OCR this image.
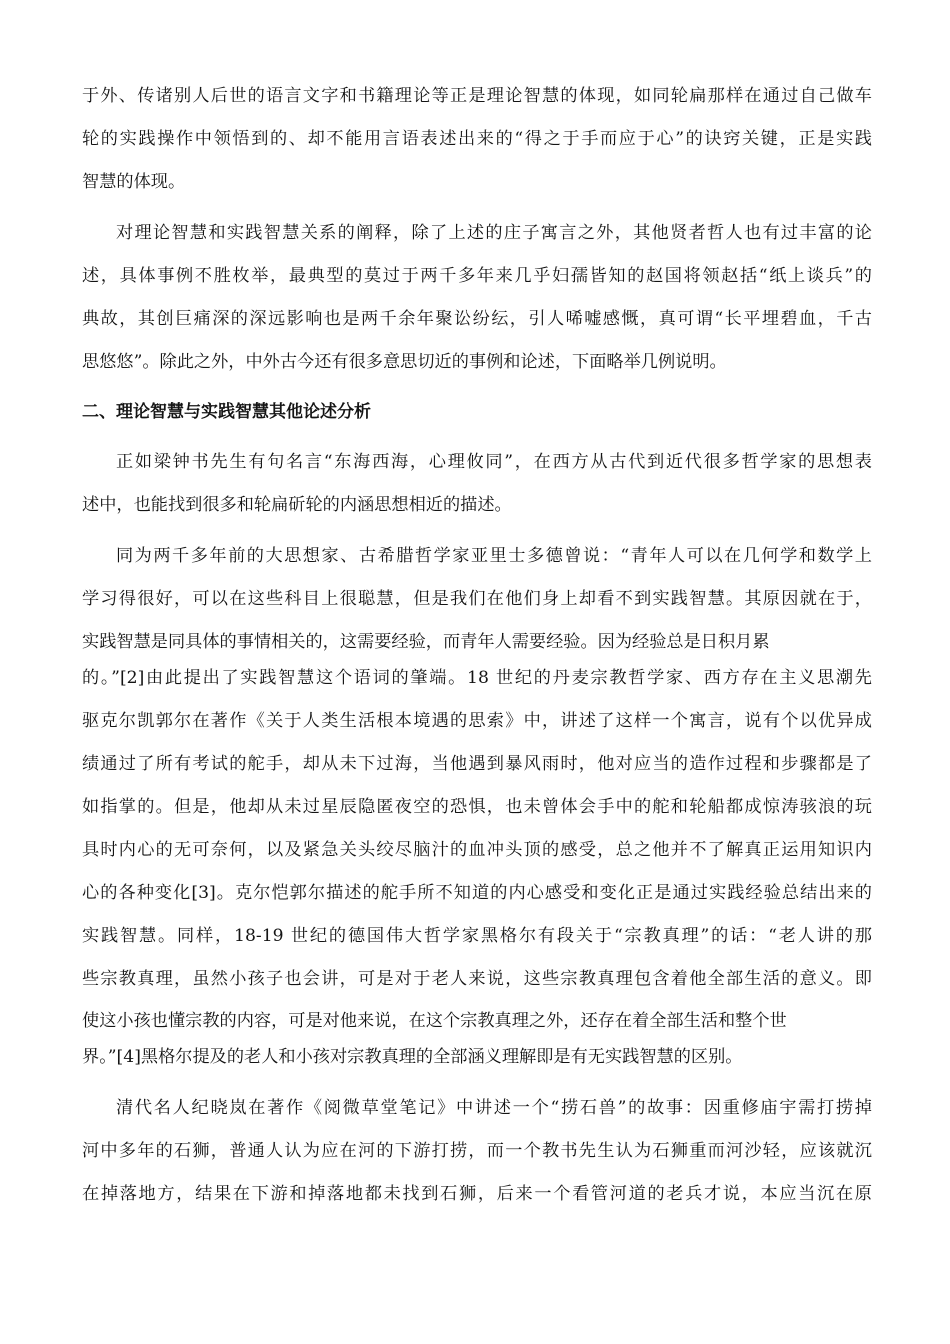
于外、传诸别人后世的语言文字和书籍理论等正是理论智慧的体现，如同轮扁那样在通过自己做车
轮的实践操作中领悟到的、却不能用言语表述出来的“得之于手而应于心”的诀窍关键，正是实践
智慧的体现。
对理论智慧和实践智慧关系的阐释，除了上述的庄子寓言之外，其他贤者哲人也有过丰富的论
述，具体事例不胜枚举，最典型的莫过于两千多年来几乎妇孺皆知的赵国将领赵括“纸上谈兵”的
典故，其创巨痛深的深远影响也是两千余年聚讼纷纭，引人唏嘘感慨，真可谓“长平埋碧血，千古
思悠悠”。除此之外，中外古今还有很多意思切近的事例和论述，下面略举几例说明。
二、理论智慧与实践智慧其他论述分析
正如梁钟书先生有句名言“东海西海，心理攸同”，在西方从古代到近代很多哲学家的思想表
述中，也能找到很多和轮扁斫轮的内涵思想相近的描述。
同为两千多年前的大思想家、古希腊哲学家亚里士多德曾说：“青年人可以在几何学和数学上
学习得很好，可以在这些科目上很聪慧，但是我们在他们身上却看不到实践智慧。其原因就在于，
实践智慧是同具体的事情相关的，这需要经验，而青年人需要经验。因为经验总是日积月累
的。”[2]由此提出了实践智慧这个语词的肇端。18 世纪的丹麦宗教哲学家、西方存在主义思潮先
驱克尔凯郭尔在著作《关于人类生活根本境遇的思索》中，讲述了这样一个寓言，说有个以优异成
绩通过了所有考试的舵手，却从未下过海，当他遇到暴风雨时，他对应当的造作过程和步骤都是了
如指掌的。但是，他却从未过星辰隐匿夜空的恐惧，也未曾体会手中的舵和轮船都成惊涛骇浪的玩
具时内心的无可奈何，以及紧急关头绞尽脑汁的血冲头顶的感受，总之他并不了解真正运用知识内
心的各种变化[3]。克尔恺郭尔描述的舵手所不知道的内心感受和变化正是通过实践经验总结出来的
实践智慧。同样，18-19 世纪的德国伟大哲学家黑格尔有段关于“宗教真理”的话：“老人讲的那
些宗教真理，虽然小孩子也会讲，可是对于老人来说，这些宗教真理包含着他全部生活的意义。即
使这小孩也懂宗教的内容，可是对他来说，在这个宗教真理之外，还存在着全部生活和整个世
界。”[4]黑格尔提及的老人和小孩对宗教真理的全部涵义理解即是有无实践智慧的区别。
清代名人纪晓岚在著作《阅微草堂笔记》中讲述一个“捞石兽”的故事：因重修庙宇需打捞掉
河中多年的石狮，普通人认为应在河的下游打捞，而一个教书先生认为石狮重而河沙轻，应该就沉
在掉落地方，结果在下游和掉落地都未找到石狮，后来一个看管河道的老兵才说，本应当沉在原
